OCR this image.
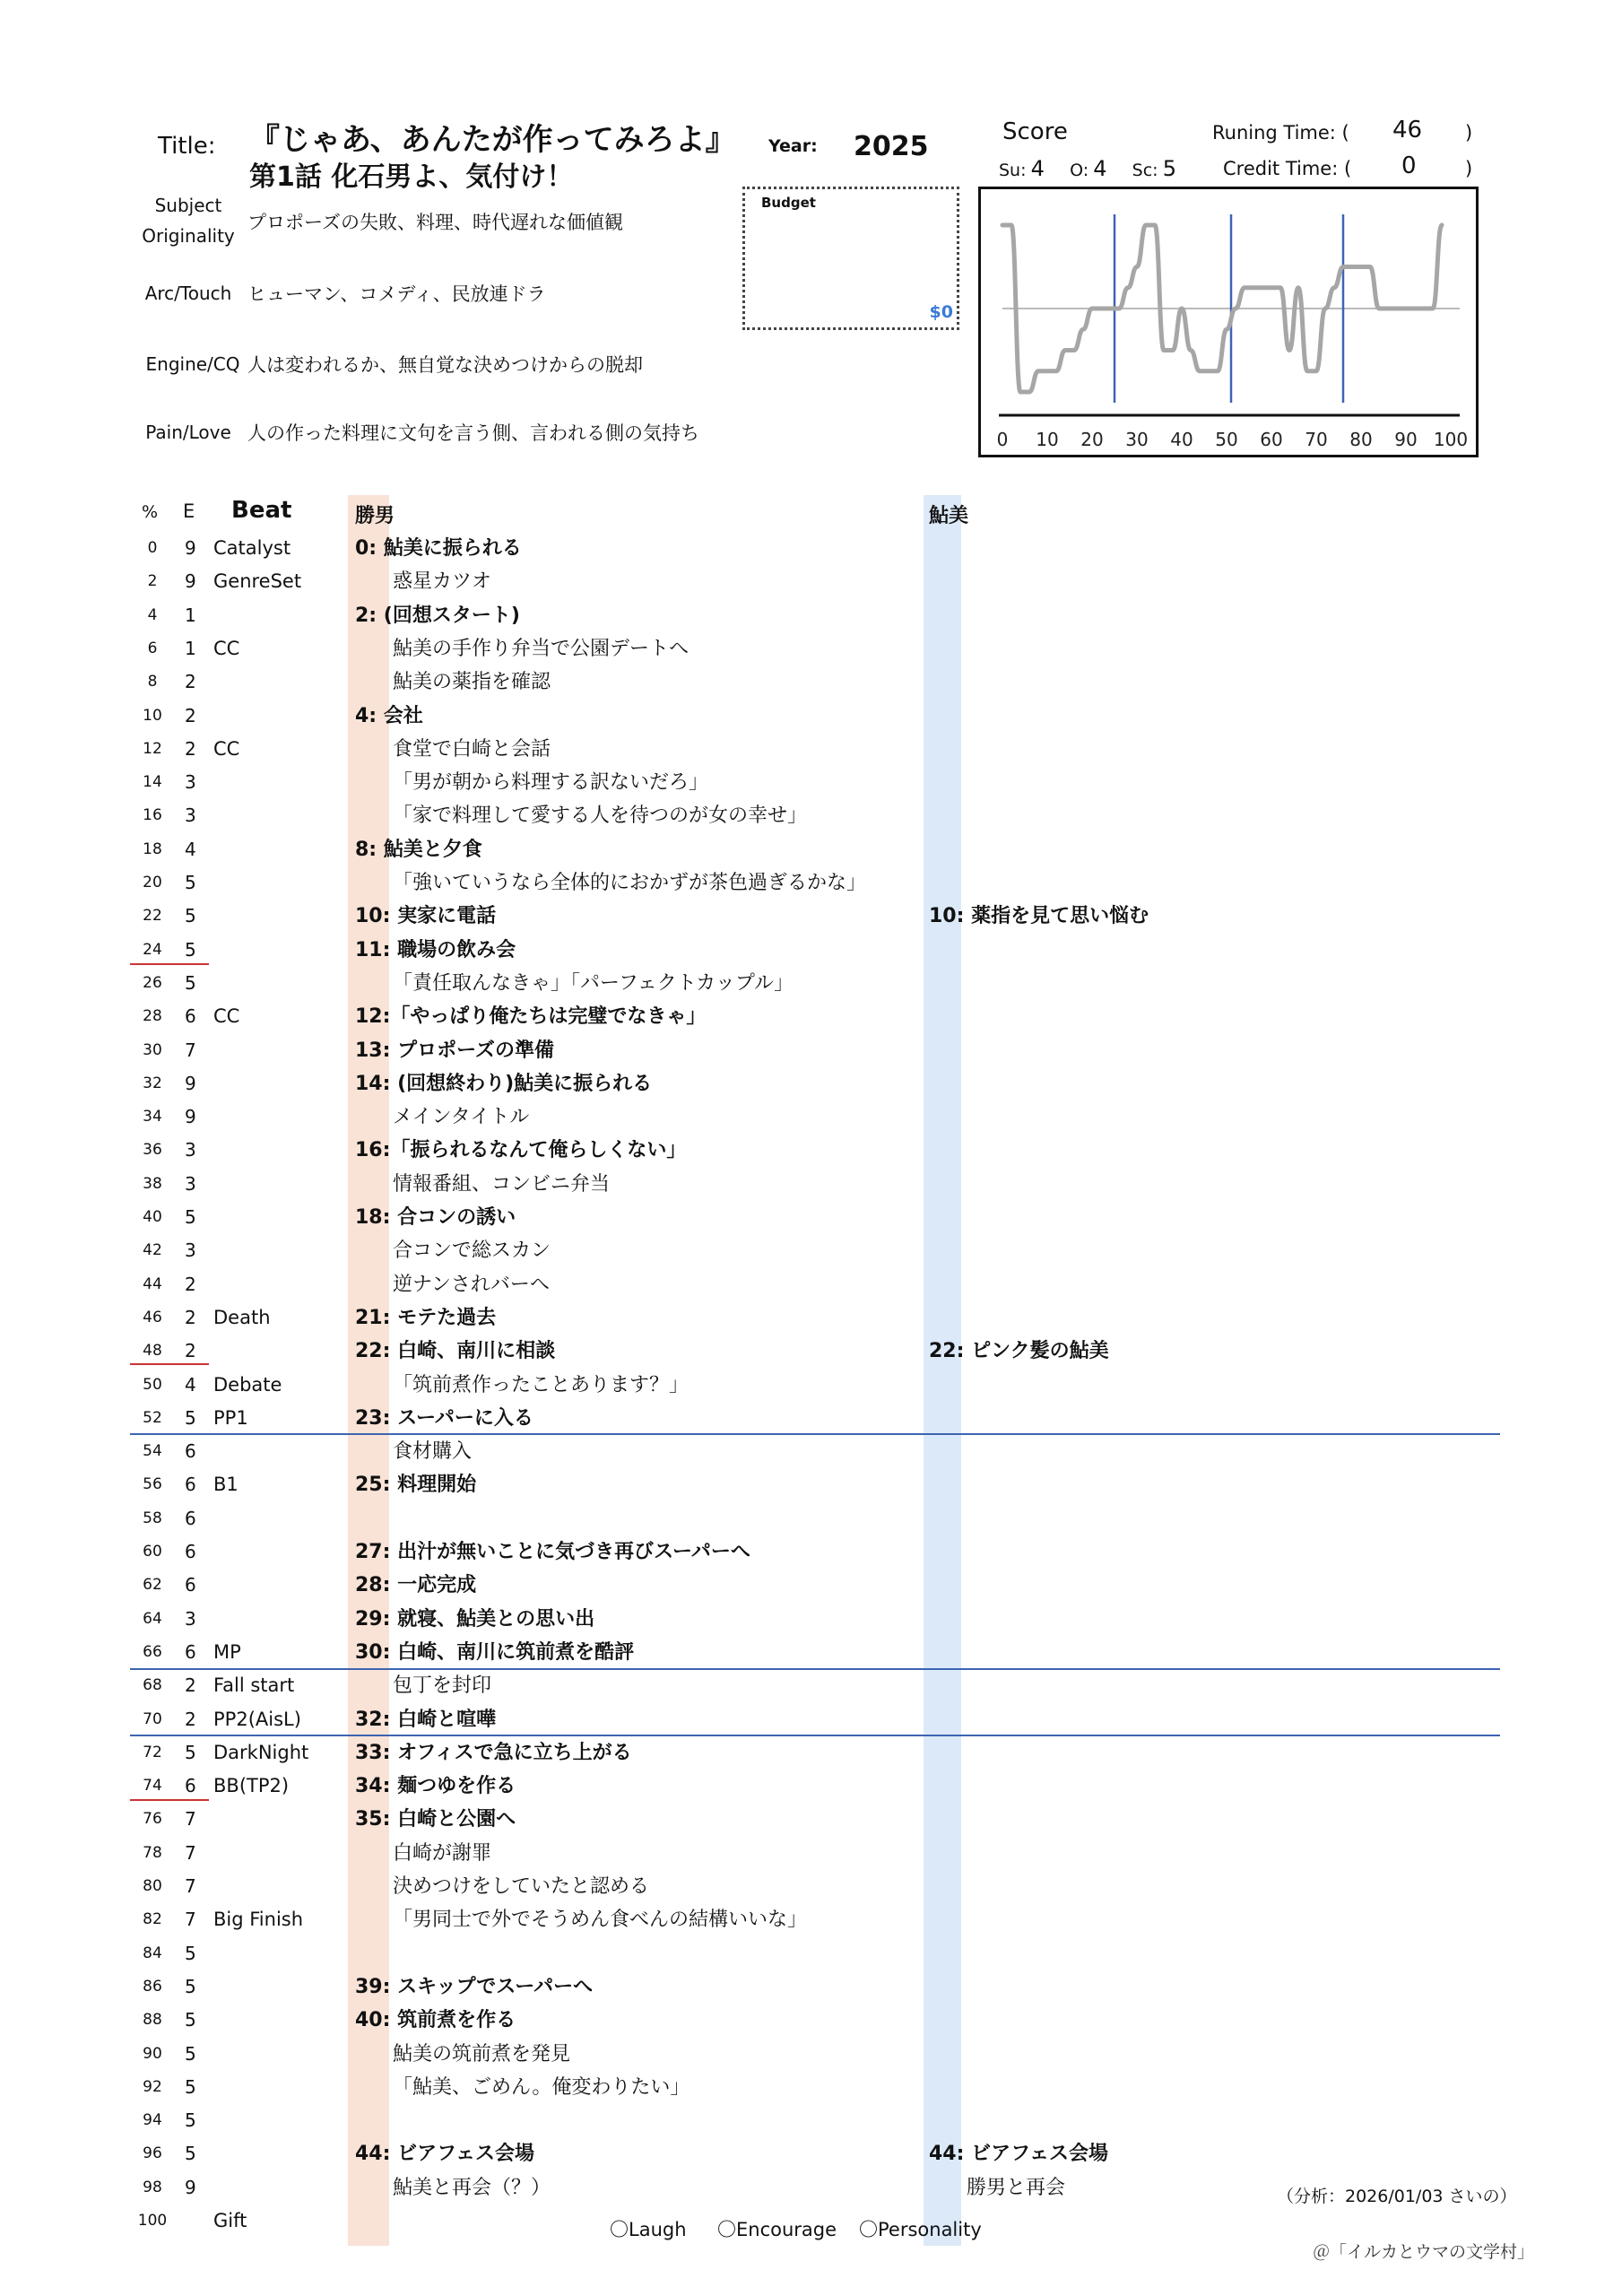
Title: 『じゃあ、あんたが作ってみろよ』
第1話 化石男よ、気付け！
Year: 2025
Budget
$0
Score
Su: 4 O: 4 Sc: 5
Runing Time: ( 46 )
Credit Time: ( 0	)
Subject
Originality
プロポーズの失敗、料理、時代遅れな価値観
Arc/Touch ヒューマン、コメディ、民放連ドラ
Engine/CQ 人は変われるか、無自覚な決めつけからの脱却
Pain/Love 人の作った料理に文句を言う側、言われる側の気持ち	0 10 20 30 40 50 60 70 80 90 100
% E Beat	勝男	鮎美
0	9 Catalyst	0: 鮎美に振られる
2	9 GenreSet	惑星カツオ
4	1	2: (回想スタート)
6	1 CC	鮎美の手作り弁当で公園デートへ
8	2	鮎美の薬指を確認
10	2	4: 会社
12	2 CC	食堂で白崎と会話
14	3	「男が朝から料理する訳ないだろ」
16	3	「家で料理して愛する人を待つのが女の幸せ」
18	4	8: 鮎美と夕食
20	5	「強いていうなら全体的におかずが茶色過ぎるかな」
22	5	10: 実家に電話	10: 薬指を見て思い悩む
24	5	11: 職場の飲み会
26	5	「責任取んなきゃ」「パーフェクトカップル」
28	6 CC	12:「やっぱり俺たちは完璧でなきゃ」
30	7	13: プロポーズの準備
32	9	14: (回想終わり)鮎美に振られる
34	9	メインタイトル
36	3	16:「振られるなんて俺らしくない」
38	3	情報番組、コンビニ弁当
40	5	18: 合コンの誘い
42	3	合コンで総スカン
44	2	逆ナンされバーへ
46	2 Death	21: モテた過去
48	2	22: 白崎、南川に相談	22: ピンク髪の鮎美
50	4 Debate	「筑前煮作ったことあります？」
52	5 PP1	23: スーパーに入る
54	6	食材購入
56	6 B1	25: 料理開始
58	6
60	6	27: 出汁が無いことに気づき再びスーパーへ
62	6	28: 一応完成
64	3	29: 就寝、鮎美との思い出
66	6 MP	30: 白崎、南川に筑前煮を酷評
68	2 Fall start	包丁を封印
70	2 PP2(AisL)	32: 白崎と喧嘩
72	5 DarkNight 33: オフィスで急に立ち上がる
74	6 BB(TP2)	34: 麺つゆを作る
76	7	35: 白崎と公園へ
78	7	白崎が謝罪
80	7	決めつけをしていたと認める
82	7 Big Finish	「男同士で外でそうめん食べんの結構いいな」
84	5
86	5	39: スキップでスーパーへ
88	5	40: 筑前煮を作る
90	5	鮎美の筑前煮を発見
92	5	「鮎美、ごめん。俺変わりたい」
94	5
96	5	44: ビアフェス会場	44: ビアフェス会場
98	9	鮎美と再会（？）	勝男と再会
100	Gift	〇Laugh 〇Encourage 〇Personality
（分析：2026/01/03 さいの）
＠「イルカとウマの文学村」
